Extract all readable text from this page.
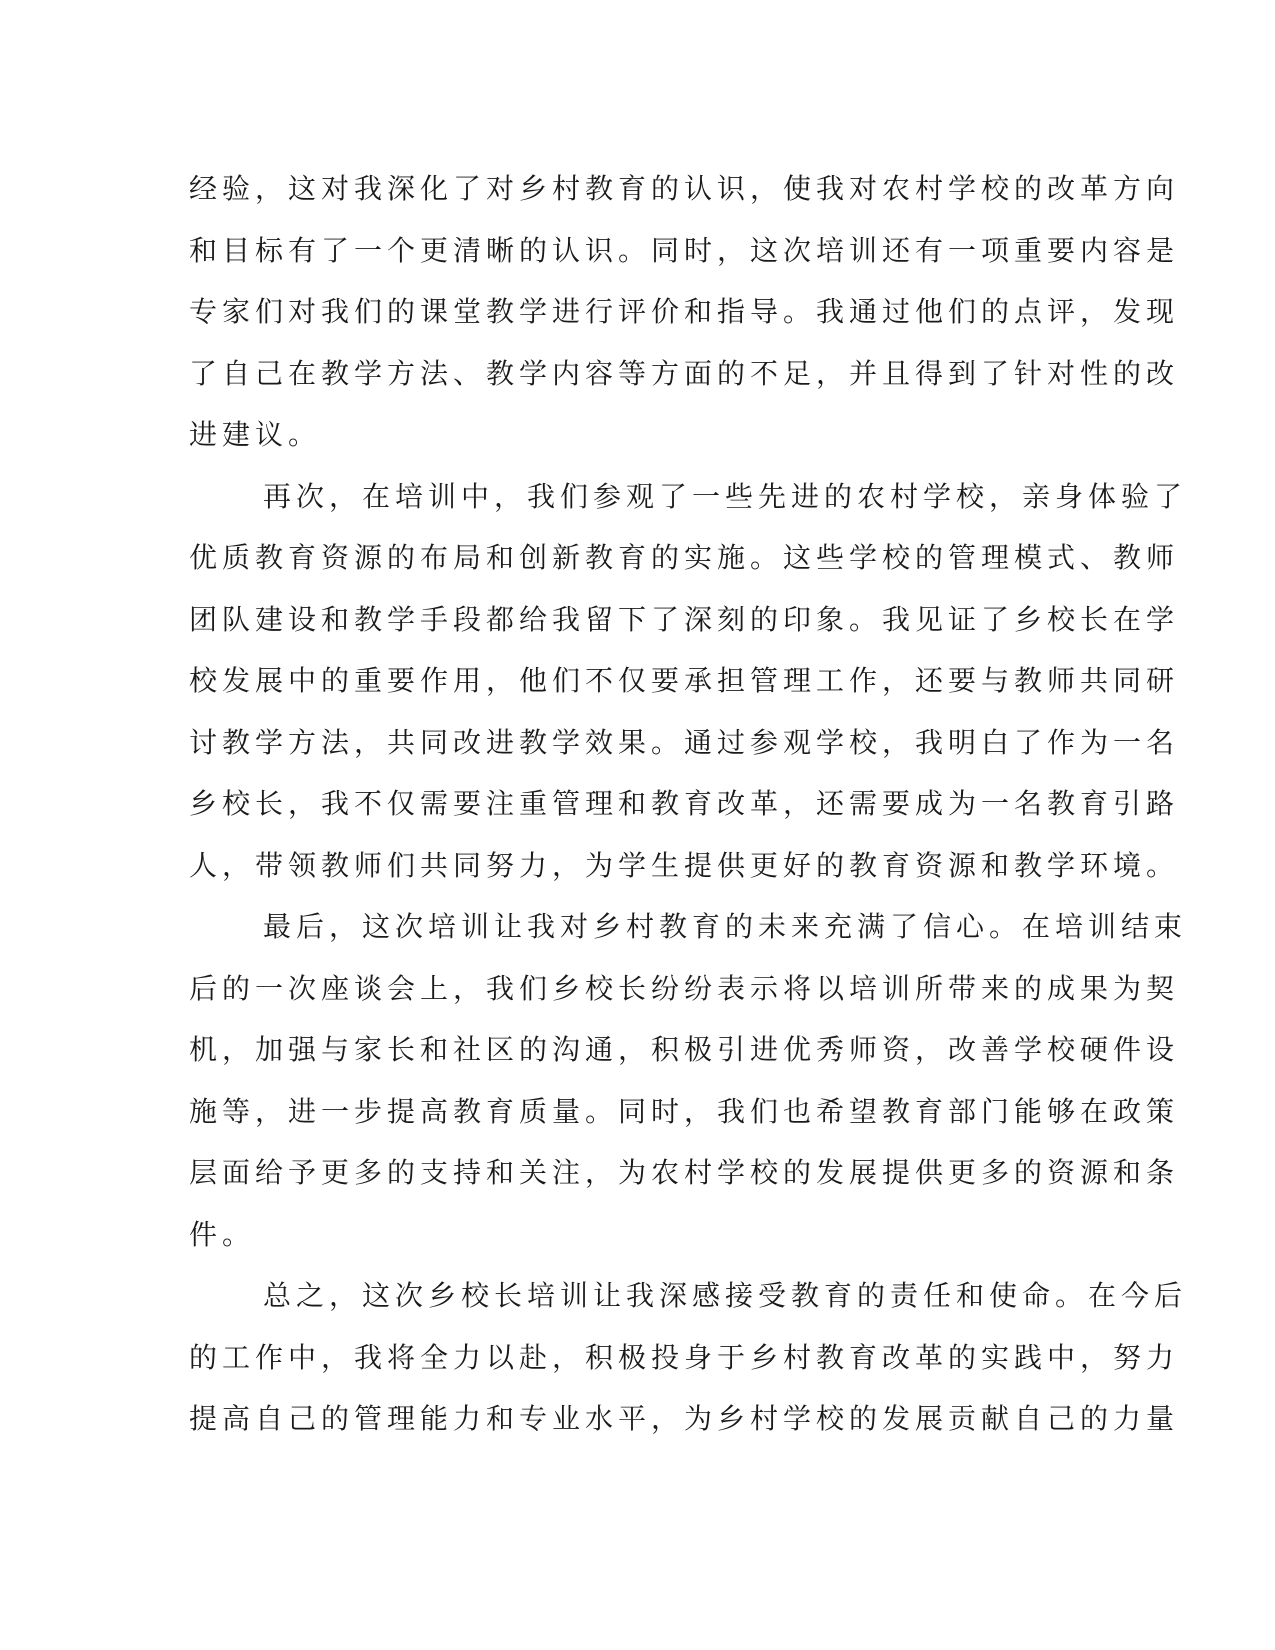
经验，这对我深化了对乡村教育的认识，使我对农村学校的改革方向
和目标有了一个更清晰的认识。同时，这次培训还有一项重要内容是
专家们对我们的课堂教学进行评价和指导。我通过他们的点评，发现
了自己在教学方法、教学内容等方面的不足，并且得到了针对性的改
进建议。
再次，在培训中，我们参观了一些先进的农村学校，亲身体验了
优质教育资源的布局和创新教育的实施。这些学校的管理模式、教师
团队建设和教学手段都给我留下了深刻的印象。我见证了乡校长在学
校发展中的重要作用，他们不仅要承担管理工作，还要与教师共同研
讨教学方法，共同改进教学效果。通过参观学校，我明白了作为一名
乡校长，我不仅需要注重管理和教育改革，还需要成为一名教育引路
人，带领教师们共同努力，为学生提供更好的教育资源和教学环境。
最后，这次培训让我对乡村教育的未来充满了信心。在培训结束
后的一次座谈会上，我们乡校长纷纷表示将以培训所带来的成果为契
机，加强与家长和社区的沟通，积极引进优秀师资，改善学校硬件设
施等，进一步提高教育质量。同时，我们也希望教育部门能够在政策
层面给予更多的支持和关注，为农村学校的发展提供更多的资源和条
件。
总之，这次乡校长培训让我深感接受教育的责任和使命。在今后
的工作中，我将全力以赴，积极投身于乡村教育改革的实践中，努力
提高自己的管理能力和专业水平，为乡村学校的发展贡献自己的力量
